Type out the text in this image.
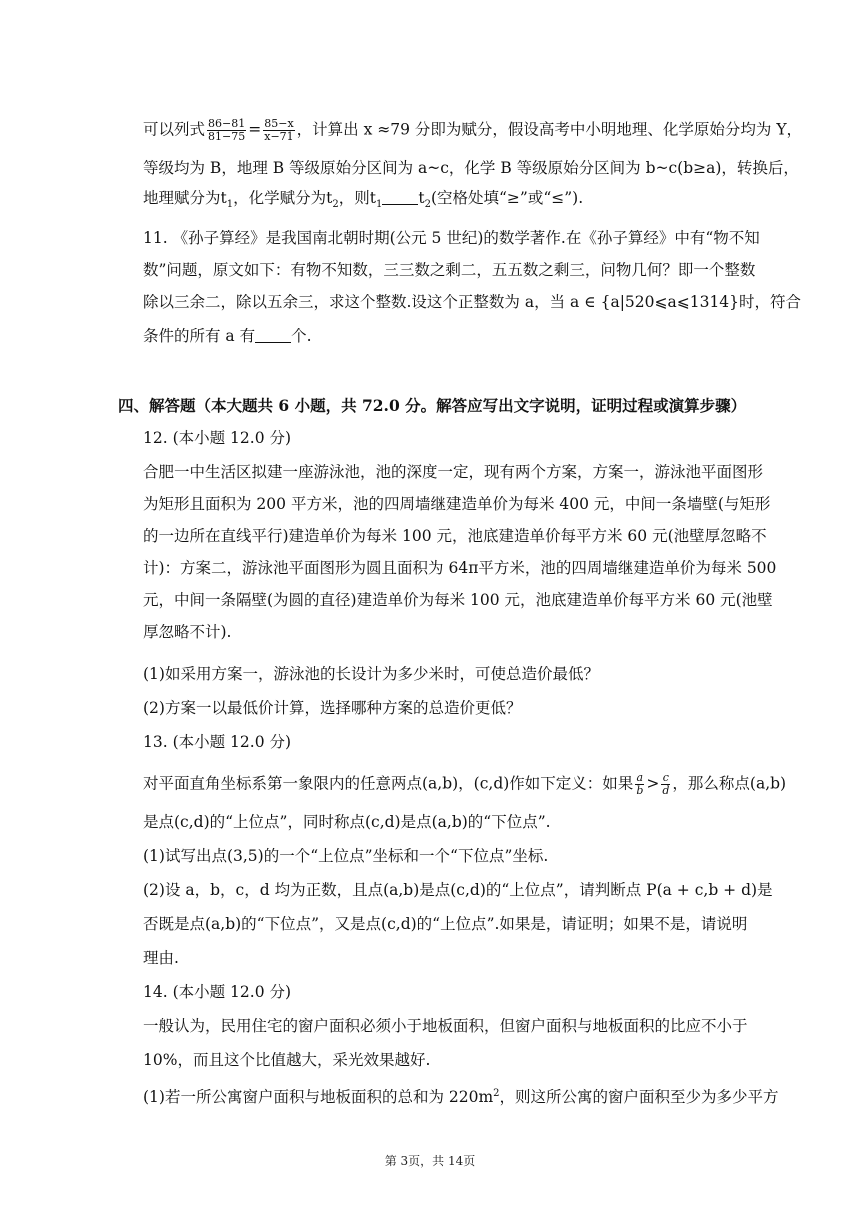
可以列式 $\frac{86-81}{81-75} = \frac{85-x}{x-71}$ ，计算出 x ≈79 分即为赋分，假设高考中小明地理、化学原始分均为 Y，
等级均为 B，地理 B 等级原始分区间为 a~c，化学 B 等级原始分区间为 b~c(b≥a)，转换后，
地理赋分为$t_1$，化学赋分为$t_2$，则$t_1$ $t_2$(空格处填“≥”或“≤”).
11. 《孙子算经》是我国南北朝时期(公元 5 世纪)的数学著作.在《孙子算经》中有“物不知
数”问题，原文如下：有物不知数，三三数之剩二，五五数之剩三，问物几何？即一个整数
除以三余二，除以五余三，求这个整数.设这个正整数为 a，当 a ∈ {a|520⩽a⩽1314}时，符合
条件的所有 a 有 个.
四、解答题（本大题共 6 小题，共 72.0 分。解答应写出文字说明，证明过程或演算步骤）
12. (本小题 12.0 分)
合肥一中生活区拟建一座游泳池，池的深度一定，现有两个方案，方案一，游泳池平面图形
为矩形且面积为 200 平方米，池的四周墙继建造单价为每米 400 元，中间一条墙壁(与矩形
的一边所在直线平行)建造单价为每米 100 元，池底建造单价每平方米 60 元(池壁厚忽略不
计)：方案二，游泳池平面图形为圆且面积为 64π平方米，池的四周墙继建造单价为每米 500
元，中间一条隔壁(为圆的直径)建造单价为每米 100 元，池底建造单价每平方米 60 元(池壁
厚忽略不计).
(1)如采用方案一，游泳池的长设计为多少米时，可使总造价最低？
(2)方案一以最低价计算，选择哪种方案的总造价更低？
13. (本小题 12.0 分)
对平面直角坐标系第一象限内的任意两点(a,b)，(c,d)作如下定义：如果 $\frac{a}{b} > \frac{c}{d}$ ，那么称点(a,b)
是点(c,d)的“上位点”，同时称点(c,d)是点(a,b)的“下位点”.
(1)试写出点(3,5)的一个“上位点”坐标和一个“下位点”坐标.
(2)设 a，b，c，d 均为正数，且点(a,b)是点(c,d)的“上位点”，请判断点 P(a + c,b + d)是
否既是点(a,b)的“下位点”，又是点(c,d)的“上位点”.如果是，请证明；如果不是，请说明
理由.
14. (本小题 12.0 分)
一般认为，民用住宅的窗户面积必须小于地板面积，但窗户面积与地板面积的比应不小于
10%，而且这个比值越大，采光效果越好.
(1)若一所公寓窗户面积与地板面积的总和为 $220m^2$，则这所公寓的窗户面积至少为多少平方
第 3页，共 14页
